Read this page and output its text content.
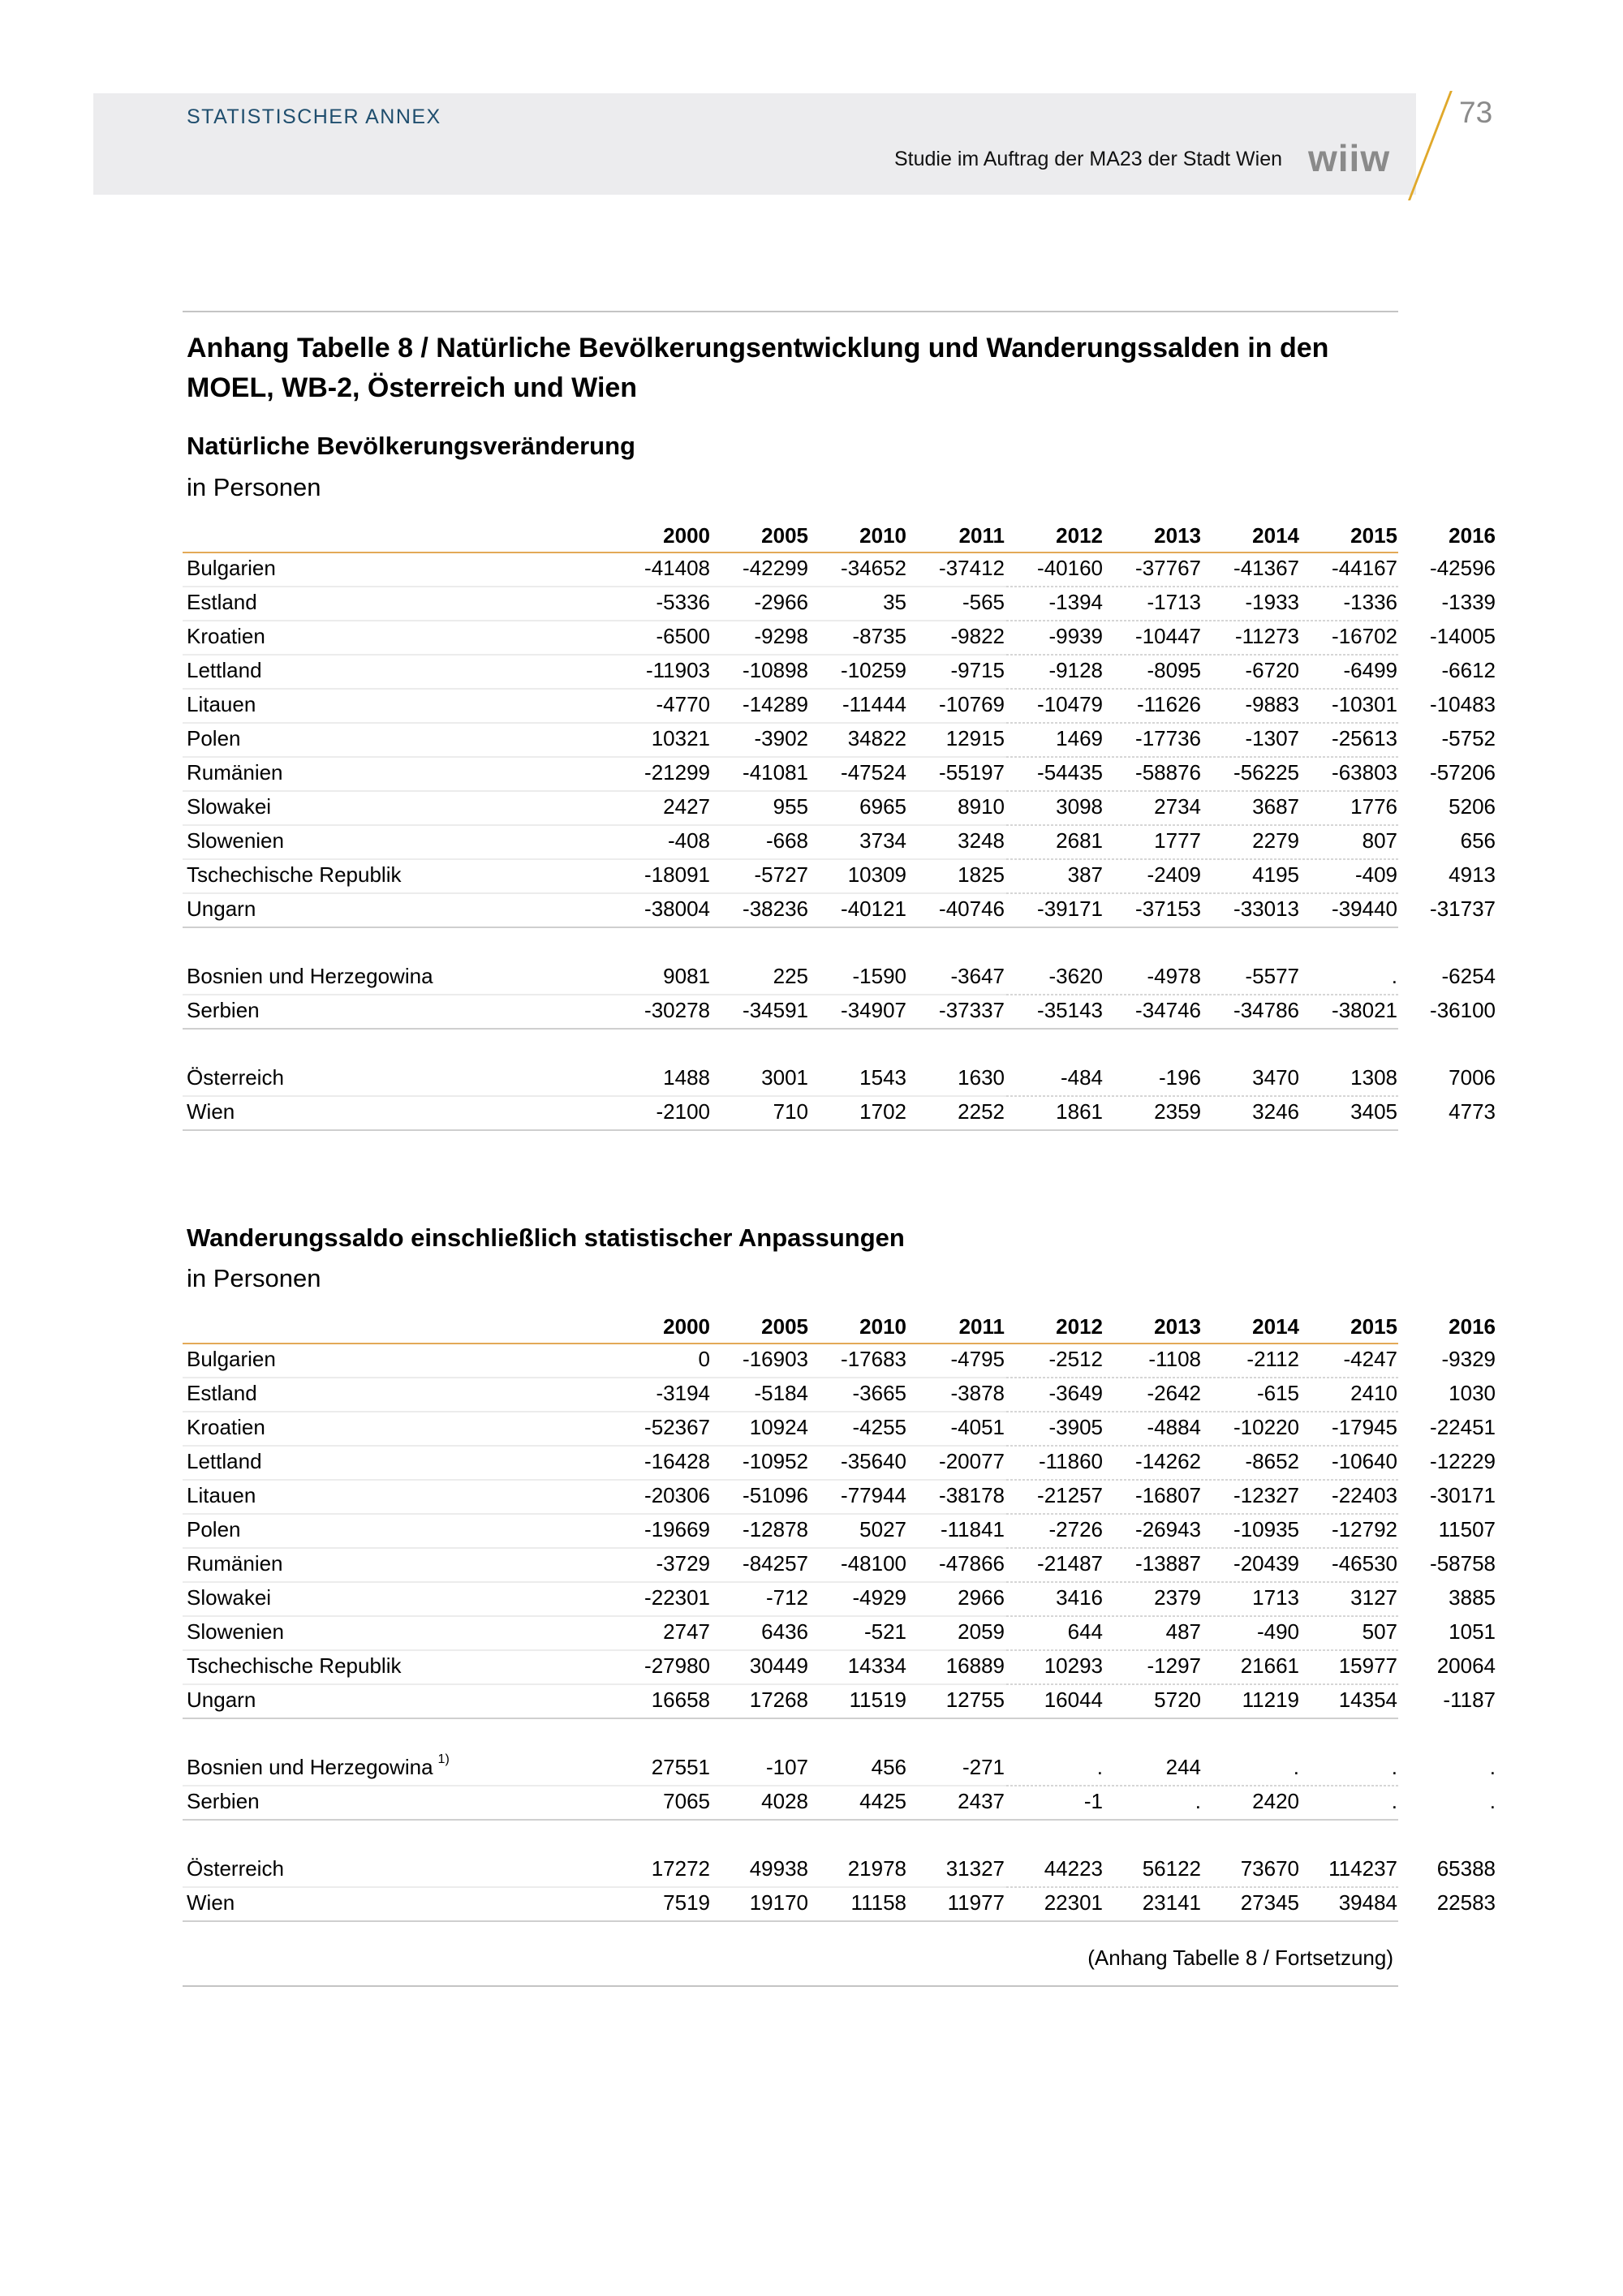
STATISTISCHER ANNEX
Studie im Auftrag der MA23 der Stadt Wien wiiw
73
Anhang Tabelle 8 / Natürliche Bevölkerungsentwicklung und Wanderungssalden in den MOEL, WB-2, Österreich und Wien
Natürliche Bevölkerungsveränderung
in Personen
2000	2005	2010	2011	2012	2013	2014	2015	2016
Bulgarien	-41408	-42299	-34652	-37412	-40160	-37767	-41367	-44167	-42596
Estland	-5336	-2966	35	-565	-1394	-1713	-1933	-1336	-1339
Kroatien	-6500	-9298	-8735	-9822	-9939	-10447	-11273	-16702	-14005
Lettland	-11903	-10898	-10259	-9715	-9128	-8095	-6720	-6499	-6612
Litauen	-4770	-14289	-11444	-10769	-10479	-11626	-9883	-10301	-10483
Polen	10321	-3902	34822	12915	1469	-17736	-1307	-25613	-5752
Rumänien	-21299	-41081	-47524	-55197	-54435	-58876	-56225	-63803	-57206
Slowakei	2427	955	6965	8910	3098	2734	3687	1776	5206
Slowenien	-408	-668	3734	3248	2681	1777	2279	807	656
Tschechische Republik	-18091	-5727	10309	1825	387	-2409	4195	-409	4913
Ungarn	-38004	-38236	-40121	-40746	-39171	-37153	-33013	-39440	-31737
Bosnien und Herzegowina	9081	225	-1590	-3647	-3620	-4978	-5577	.	-6254
Serbien	-30278	-34591	-34907	-37337	-35143	-34746	-34786	-38021	-36100
Österreich	1488	3001	1543	1630	-484	-196	3470	1308	7006
Wien	-2100	710	1702	2252	1861	2359	3246	3405	4773
Wanderungssaldo einschließlich statistischer Anpassungen
in Personen
2000	2005	2010	2011	2012	2013	2014	2015	2016
Bulgarien	0	-16903	-17683	-4795	-2512	-1108	-2112	-4247	-9329
Estland	-3194	-5184	-3665	-3878	-3649	-2642	-615	2410	1030
Kroatien	-52367	10924	-4255	-4051	-3905	-4884	-10220	-17945	-22451
Lettland	-16428	-10952	-35640	-20077	-11860	-14262	-8652	-10640	-12229
Litauen	-20306	-51096	-77944	-38178	-21257	-16807	-12327	-22403	-30171
Polen	-19669	-12878	5027	-11841	-2726	-26943	-10935	-12792	11507
Rumänien	-3729	-84257	-48100	-47866	-21487	-13887	-20439	-46530	-58758
Slowakei	-22301	-712	-4929	2966	3416	2379	1713	3127	3885
Slowenien	2747	6436	-521	2059	644	487	-490	507	1051
Tschechische Republik	-27980	30449	14334	16889	10293	-1297	21661	15977	20064
Ungarn	16658	17268	11519	12755	16044	5720	11219	14354	-1187
Bosnien und Herzegowina $^{1)}$	27551	-107	456	-271	.	244	.	.	.
Serbien	7065	4028	4425	2437	-1	.	2420	.	.
Österreich	17272	49938	21978	31327	44223	56122	73670	114237	65388
Wien	7519	19170	11158	11977	22301	23141	27345	39484	22583
(Anhang Tabelle 8 / Fortsetzung)
